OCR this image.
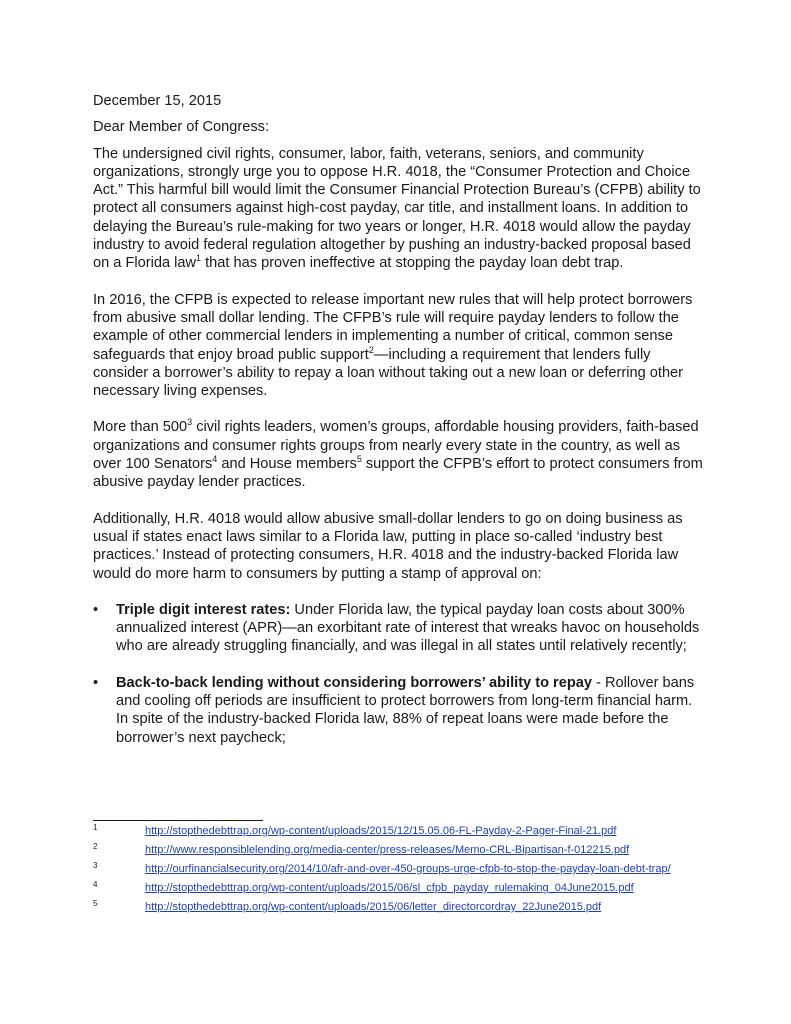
December 15, 2015

Dear Member of Congress:

The undersigned civil rights, consumer, labor, faith, veterans, seniors, and community organizations, strongly urge you to oppose H.R. 4018, the “Consumer Protection and Choice Act.” This harmful bill would limit the Consumer Financial Protection Bureau’s (CFPB) ability to protect all consumers against high-cost payday, car title, and installment loans. In addition to delaying the Bureau’s rule-making for two years or longer, H.R. 4018 would allow the payday industry to avoid federal regulation altogether by pushing an industry-backed proposal based on a Florida law$^1$ that has proven ineffective at stopping the payday loan debt trap.

In 2016, the CFPB is expected to release important new rules that will help protect borrowers from abusive small dollar lending. The CFPB’s rule will require payday lenders to follow the example of other commercial lenders in implementing a number of critical, common sense safeguards that enjoy broad public support$^2$—including a requirement that lenders fully consider a borrower’s ability to repay a loan without taking out a new loan or deferring other necessary living expenses.

More than $500^3$ civil rights leaders, women’s groups, affordable housing providers, faith-based organizations and consumer rights groups from nearly every state in the country, as well as over 100 Senators$^4$ and House members$^5$ support the CFPB’s effort to protect consumers from abusive payday lender practices.

Additionally, H.R. 4018 would allow abusive small-dollar lenders to go on doing business as usual if states enact laws similar to a Florida law, putting in place so-called ‘industry best practices.’ Instead of protecting consumers, H.R. 4018 and the industry-backed Florida law would do more harm to consumers by putting a stamp of approval on:

• Triple digit interest rates: Under Florida law, the typical payday loan costs about 300% annualized interest (APR)—an exorbitant rate of interest that wreaks havoc on households who are already struggling financially, and was illegal in all states until relatively recently;
• Back-to-back lending without considering borrowers’ ability to repay - Rollover bans and cooling off periods are insufficient to protect borrowers from long-term financial harm. In spite of the industry-backed Florida law, 88% of repeat loans were made before the borrower’s next paycheck;
1	http://stopthedebttrap.org/wp-content/uploads/2015/12/15.05.06-FL-Payday-2-Pager-Final-21.pdf
2	http://www.responsiblelending.org/media-center/press-releases/Memo-CRL-Bipartisan-f-012215.pdf
3	http://ourfinancialsecurity.org/2014/10/afr-and-over-450-groups-urge-cfpb-to-stop-the-payday-loan-debt-trap/
4	http://stopthedebttrap.org/wp-content/uploads/2015/06/sl_cfpb_payday_rulemaking_04June2015.pdf
5	http://stopthedebttrap.org/wp-content/uploads/2015/06/letter_directorcordray_22June2015.pdf
